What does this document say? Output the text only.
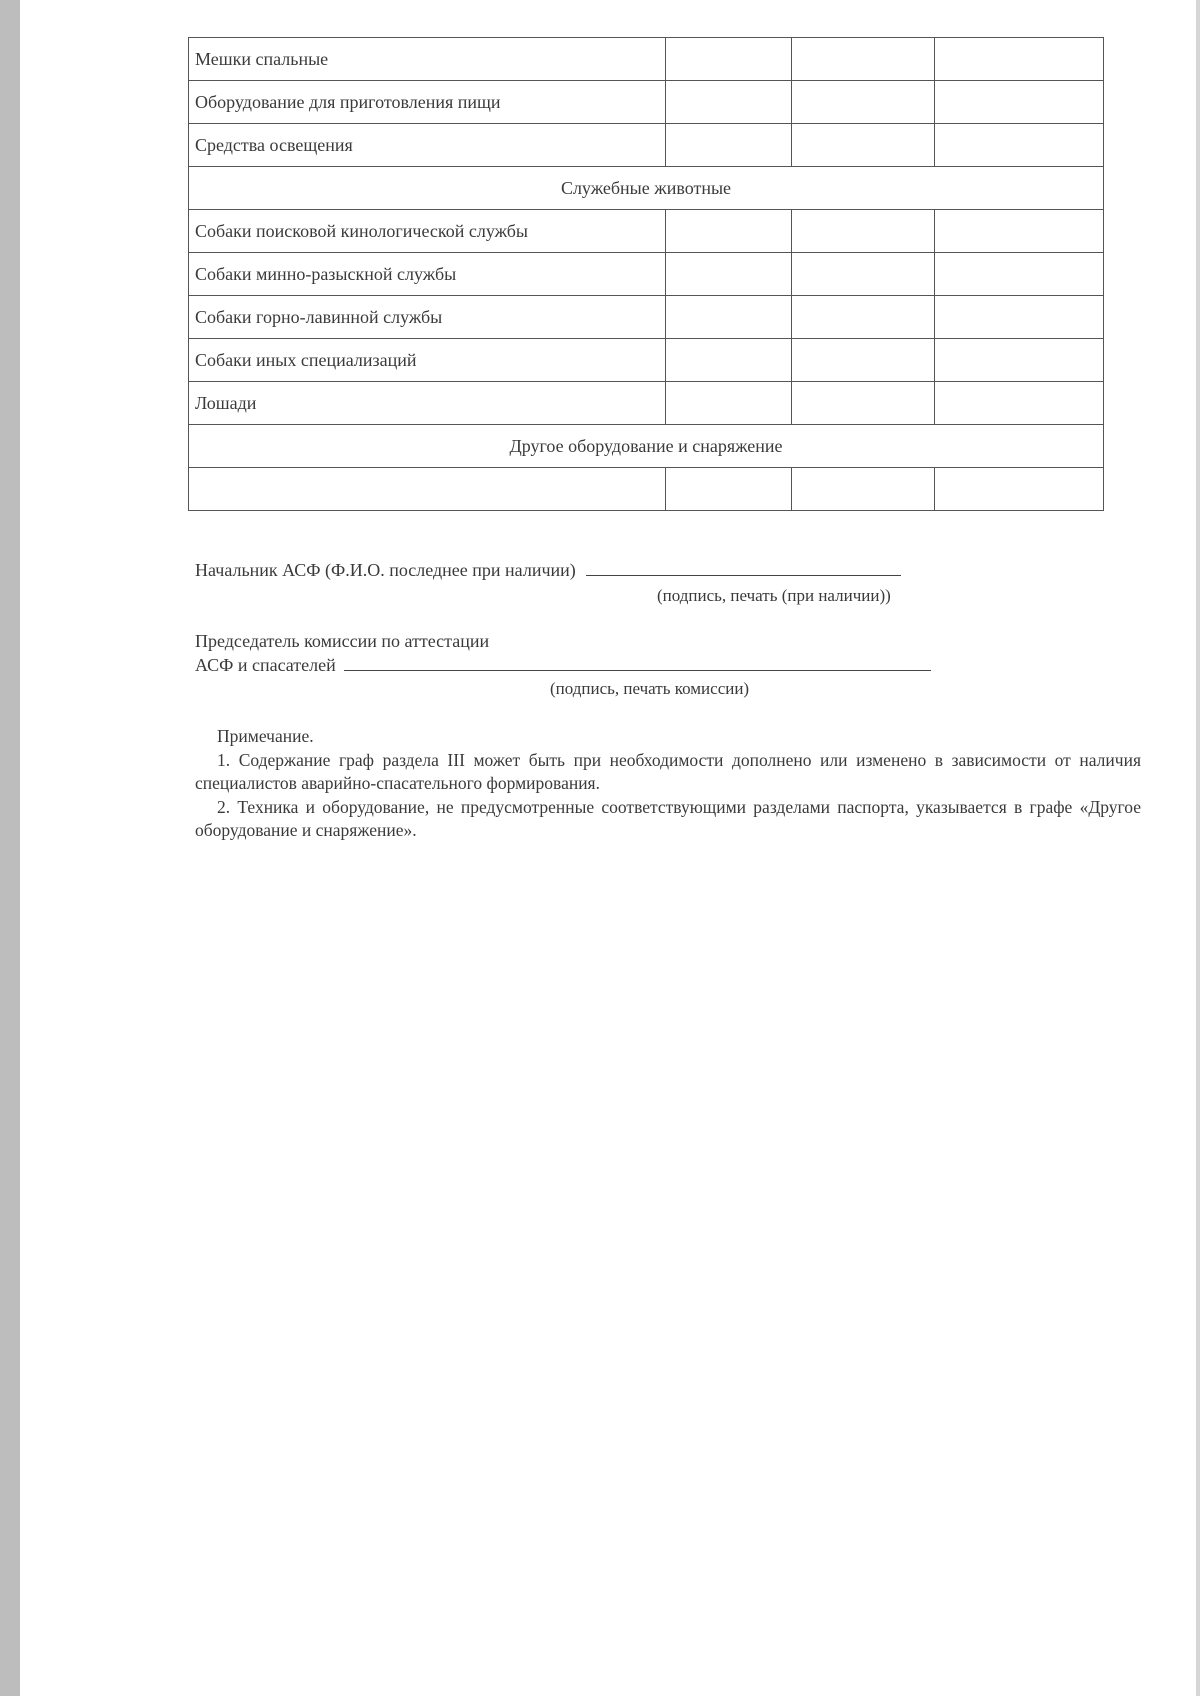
Мешки спальные			
Оборудование для приготовления пищи			
Средства освещения			
Служебные животные			
Собаки поисковой кинологической службы			
Собаки минно-разыскной службы			
Собаки горно-лавинной службы			
Собаки иных специализаций			
Лошади			
Другое оборудование и снаряжение			

Начальник АСФ (Ф.И.О. последнее при наличии)
(подпись, печать (при наличии))
Председатель комиссии по аттестации
АСФ и спасателей
(подпись, печать комиссии)

Примечание.

1. Содержание граф раздела III может быть при необходимости дополнено или изменено в зависимости от наличия специалистов аварийно-спасательного формирования.

2. Техника и оборудование, не предусмотренные соответствующими разделами паспорта, указывается в графе «Другое оборудование и снаряжение».
